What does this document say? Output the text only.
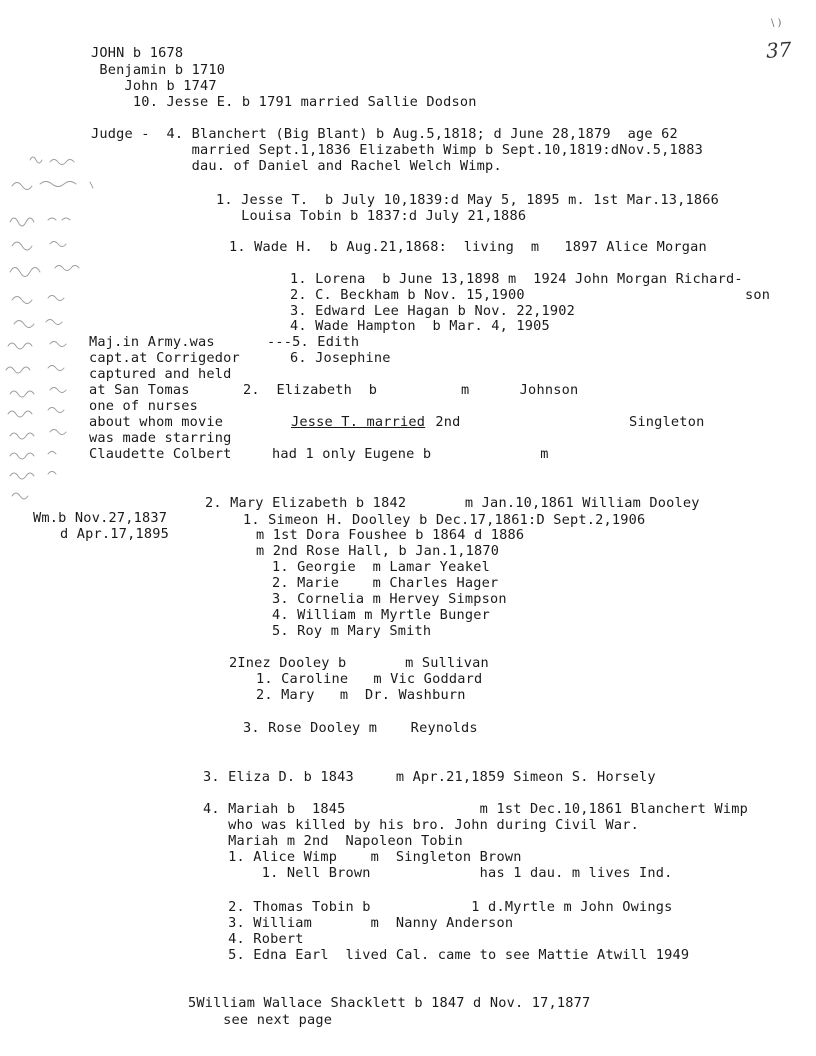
\ )
37
JOHN b 1678
Benjamin b 1710
John b 1747
10. Jesse E. b 1791 married Sallie Dodson
Judge -  4. Blanchert (Big Blant) b Aug.5,1818; d June 28,1879  age 62
married Sept.1,1836 Elizabeth Wimp b Sept.10,1819:dNov.5,1883
dau. of Daniel and Rachel Welch Wimp.
1. Jesse T.  b July 10,1839:d May 5, 1895 m. 1st Mar.13,1866
Louisa Tobin b 1837:d July 21,1886
1. Wade H.  b Aug.21,1868:  living  m   1897 Alice Morgan
1. Lorena  b June 13,1898 m  1924 John Morgan Richard-
2. C. Beckham b Nov. 15,1900	son
3. Edward Lee Hagan b Nov. 22,1902
4. Wade Hampton  b Mar. 4, 1905
Maj.in Army.was	---5. Edith
capt.at Corrigedor	6. Josephine
captured and held
at San Tomas	2.  Elizabeth  b          m      Johnson
one of nurses
about whom movie	Jesse T. married 2nd	Singleton
was made starring
Claudette Colbert	had 1 only Eugene b             m
2. Mary Elizabeth b 1842       m Jan.10,1861 William Dooley
Wm.b Nov.27,1837	1. Simeon H. Doolley b Dec.17,1861:D Sept.2,1906
d Apr.17,1895	m 1st Dora Foushee b 1864 d 1886
m 2nd Rose Hall, b Jan.1,1870
1. Georgie  m Lamar Yeakel
2. Marie    m Charles Hager
3. Cornelia m Hervey Simpson
4. William m Myrtle Bunger
5. Roy m Mary Smith
2Inez Dooley b       m Sullivan
1. Caroline   m Vic Goddard
2. Mary   m  Dr. Washburn
3. Rose Dooley m    Reynolds
3. Eliza D. b 1843     m Apr.21,1859 Simeon S. Horsely
4. Mariah b  1845                m 1st Dec.10,1861 Blanchert Wimp
who was killed by his bro. John during Civil War.
Mariah m 2nd  Napoleon Tobin
1. Alice Wimp    m  Singleton Brown
1. Nell Brown             has 1 dau. m lives Ind.
2. Thomas Tobin b            1 d.Myrtle m John Owings
3. William       m  Nanny Anderson
4. Robert
5. Edna Earl  lived Cal. came to see Mattie Atwill 1949
5William Wallace Shacklett b 1847 d Nov. 17,1877
see next page
